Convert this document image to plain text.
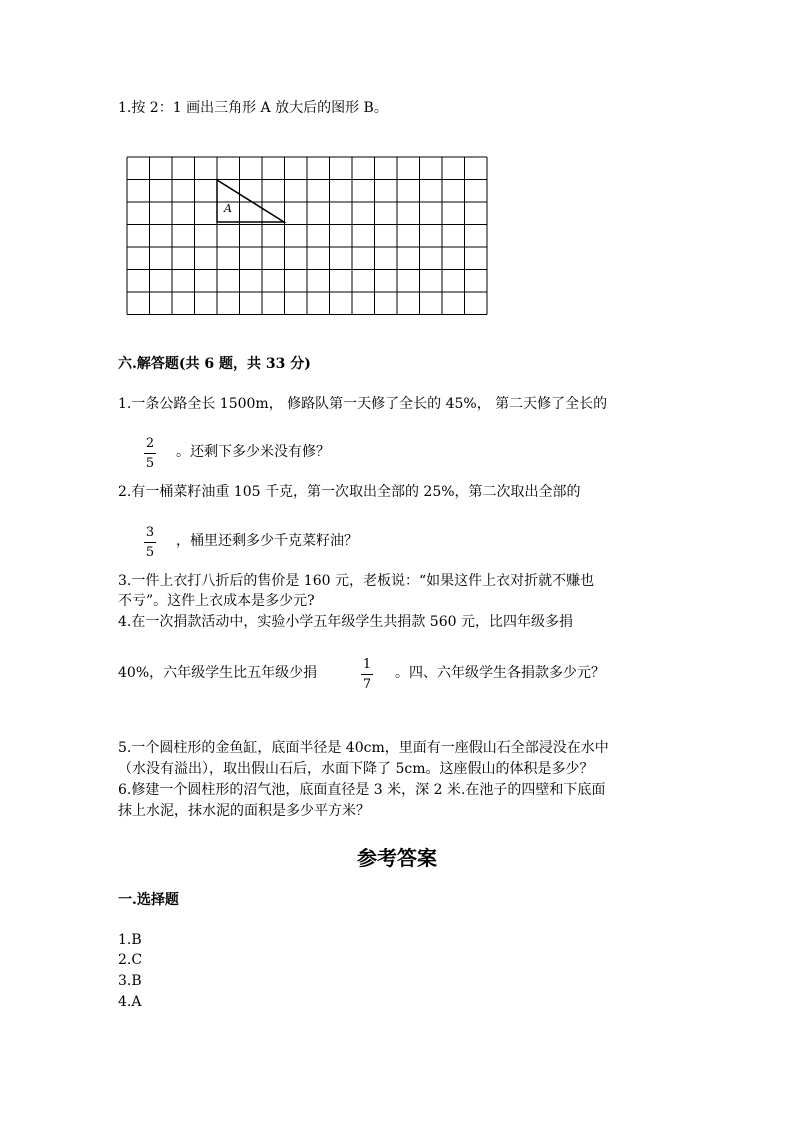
1.按 2：1 画出三角形 A 放大后的图形 B。
A
六.解答题(共 6 题，共 33 分)
1.一条公路全长 1500m， 修路队第一天修了全长的 45%， 第二天修了全长的
2
5
。还剩下多少米没有修？
2.有一桶菜籽油重 105 千克，第一次取出全部的 25%，第二次取出全部的
3
5
，桶里还剩多少千克菜籽油？
3.一件上衣打八折后的售价是 160 元，老板说：“如果这件上衣对折就不赚也
不亏”。这件上衣成本是多少元?
4.在一次捐款活动中，实验小学五年级学生共捐款 560 元，比四年级多捐
40%，六年级学生比五年级少捐
1
7
。四、六年级学生各捐款多少元？
5.一个圆柱形的金鱼缸，底面半径是 40cm，里面有一座假山石全部浸没在水中
（水没有溢出），取出假山石后，水面下降了 5cm。这座假山的体积是多少？
6.修建一个圆柱形的沼气池，底面直径是 3 米，深 2 米.在池子的四壁和下底面
抹上水泥，抹水泥的面积是多少平方米？
参考答案
一.选择题
1.B
2.C
3.B
4.A
